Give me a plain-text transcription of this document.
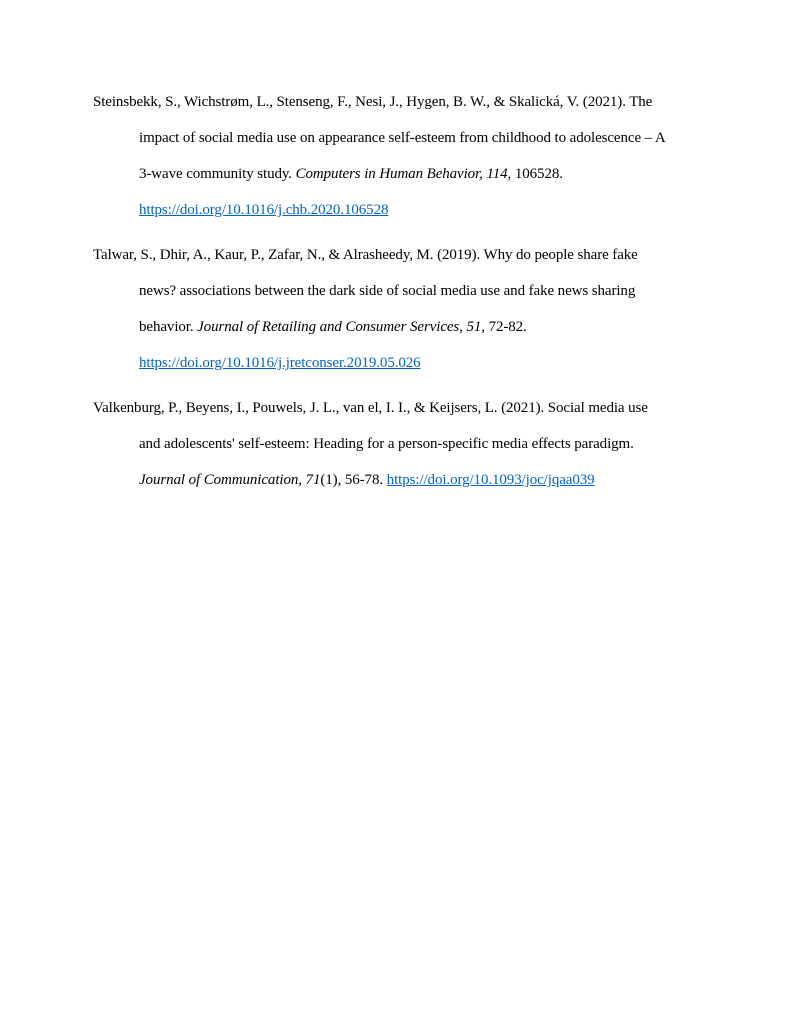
Steinsbekk, S., Wichstrøm, L., Stenseng, F., Nesi, J., Hygen, B. W., & Skalická, V. (2021). The
impact of social media use on appearance self-esteem from childhood to adolescence – A
3-wave community study. Computers in Human Behavior, 114, 106528.
https://doi.org/10.1016/j.chb.2020.106528
Talwar, S., Dhir, A., Kaur, P., Zafar, N., & Alrasheedy, M. (2019). Why do people share fake
news? associations between the dark side of social media use and fake news sharing
behavior. Journal of Retailing and Consumer Services, 51, 72-82.
https://doi.org/10.1016/j.jretconser.2019.05.026
Valkenburg, P., Beyens, I., Pouwels, J. L., van el, I. I., & Keijsers, L. (2021). Social media use
and adolescents' self-esteem: Heading for a person-specific media effects paradigm.
Journal of Communication, 71(1), 56-78. https://doi.org/10.1093/joc/jqaa039
